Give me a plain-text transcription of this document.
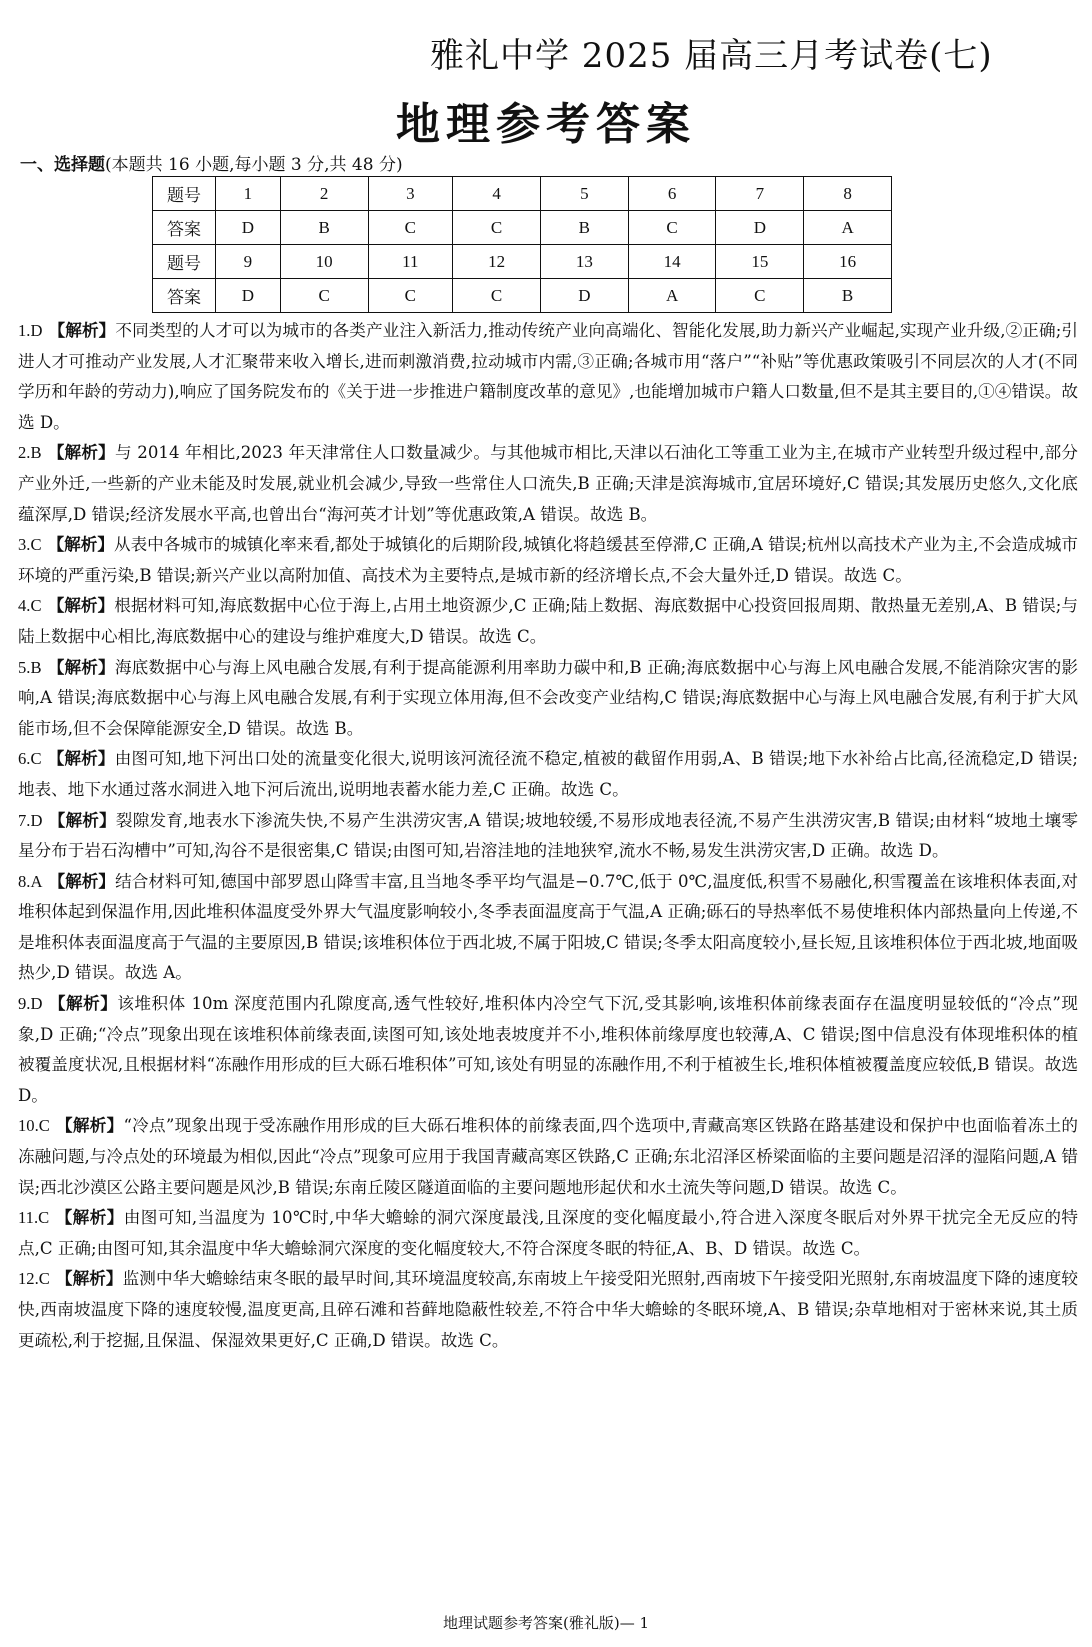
雅礼中学 2025 届高三月考试卷(七)
地理参考答案
一、选择题(本题共 16 小题,每小题 3 分,共 48 分)
题号	1	2	3	4	5	6	7	8
答案	D	B	C	C	B	C	D	A
题号	9	10	11	12	13	14	15	16
答案	D	C	C	C	D	A	C	B

1.D 【解析】不同类型的人才可以为城市的各类产业注入新活力,推动传统产业向高端化、智能化发展,助力新兴产业崛起,实现产业升级,②正确;引进人才可推动产业发展,人才汇聚带来收入增长,进而刺激消费,拉动城市内需,③正确;各城市用“落户”“补贴”等优惠政策吸引不同层次的人才(不同学历和年龄的劳动力),响应了国务院发布的《关于进一步推进户籍制度改革的意见》,也能增加城市户籍人口数量,但不是其主要目的,①④错误。故选 D。

2.B 【解析】与 2014 年相比,2023 年天津常住人口数量减少。与其他城市相比,天津以石油化工等重工业为主,在城市产业转型升级过程中,部分产业外迁,一些新的产业未能及时发展,就业机会减少,导致一些常住人口流失,B 正确;天津是滨海城市,宜居环境好,C 错误;其发展历史悠久,文化底蕴深厚,D 错误;经济发展水平高,也曾出台“海河英才计划”等优惠政策,A 错误。故选 B。

3.C 【解析】从表中各城市的城镇化率来看,都处于城镇化的后期阶段,城镇化将趋缓甚至停滞,C 正确,A 错误;杭州以高技术产业为主,不会造成城市环境的严重污染,B 错误;新兴产业以高附加值、高技术为主要特点,是城市新的经济增长点,不会大量外迁,D 错误。故选 C。

4.C 【解析】根据材料可知,海底数据中心位于海上,占用土地资源少,C 正确;陆上数据、海底数据中心投资回报周期、散热量无差别,A、B 错误;与陆上数据中心相比,海底数据中心的建设与维护难度大,D 错误。故选 C。

5.B 【解析】海底数据中心与海上风电融合发展,有利于提高能源利用率助力碳中和,B 正确;海底数据中心与海上风电融合发展,不能消除灾害的影响,A 错误;海底数据中心与海上风电融合发展,有利于实现立体用海,但不会改变产业结构,C 错误;海底数据中心与海上风电融合发展,有利于扩大风能市场,但不会保障能源安全,D 错误。故选 B。

6.C 【解析】由图可知,地下河出口处的流量变化很大,说明该河流径流不稳定,植被的截留作用弱,A、B 错误;地下水补给占比高,径流稳定,D 错误;地表、地下水通过落水洞进入地下河后流出,说明地表蓄水能力差,C 正确。故选 C。

7.D 【解析】裂隙发育,地表水下渗流失快,不易产生洪涝灾害,A 错误;坡地较缓,不易形成地表径流,不易产生洪涝灾害,B 错误;由材料“坡地土壤零星分布于岩石沟槽中”可知,沟谷不是很密集,C 错误;由图可知,岩溶洼地的洼地狭窄,流水不畅,易发生洪涝灾害,D 正确。故选 D。

8.A 【解析】结合材料可知,德国中部罗恩山降雪丰富,且当地冬季平均气温是−0.7℃,低于 0℃,温度低,积雪不易融化,积雪覆盖在该堆积体表面,对堆积体起到保温作用,因此堆积体温度受外界大气温度影响较小,冬季表面温度高于气温,A 正确;砾石的导热率低不易使堆积体内部热量向上传递,不是堆积体表面温度高于气温的主要原因,B 错误;该堆积体位于西北坡,不属于阳坡,C 错误;冬季太阳高度较小,昼长短,且该堆积体位于西北坡,地面吸热少,D 错误。故选 A。

9.D 【解析】该堆积体 10m 深度范围内孔隙度高,透气性较好,堆积体内冷空气下沉,受其影响,该堆积体前缘表面存在温度明显较低的“冷点”现象,D 正确;“冷点”现象出现在该堆积体前缘表面,读图可知,该处地表坡度并不小,堆积体前缘厚度也较薄,A、C 错误;图中信息没有体现堆积体的植被覆盖度状况,且根据材料“冻融作用形成的巨大砾石堆积体”可知,该处有明显的冻融作用,不利于植被生长,堆积体植被覆盖度应较低,B 错误。故选 D。

10.C 【解析】“冷点”现象出现于受冻融作用形成的巨大砾石堆积体的前缘表面,四个选项中,青藏高寒区铁路在路基建设和保护中也面临着冻土的冻融问题,与冷点处的环境最为相似,因此“冷点”现象可应用于我国青藏高寒区铁路,C 正确;东北沼泽区桥梁面临的主要问题是沼泽的湿陷问题,A 错误;西北沙漠区公路主要问题是风沙,B 错误;东南丘陵区隧道面临的主要问题地形起伏和水土流失等问题,D 错误。故选 C。

11.C 【解析】由图可知,当温度为 10℃时,中华大蟾蜍的洞穴深度最浅,且深度的变化幅度最小,符合进入深度冬眠后对外界干扰完全无反应的特点,C 正确;由图可知,其余温度中华大蟾蜍洞穴深度的变化幅度较大,不符合深度冬眠的特征,A、B、D 错误。故选 C。

12.C 【解析】监测中华大蟾蜍结束冬眠的最早时间,其环境温度较高,东南坡上午接受阳光照射,西南坡下午接受阳光照射,东南坡温度下降的速度较快,西南坡温度下降的速度较慢,温度更高,且碎石滩和苔藓地隐蔽性较差,不符合中华大蟾蜍的冬眠环境,A、B 错误;杂草地相对于密林来说,其土质更疏松,利于挖掘,且保温、保湿效果更好,C 正确,D 错误。故选 C。

地理试题参考答案(雅礼版)— 1
